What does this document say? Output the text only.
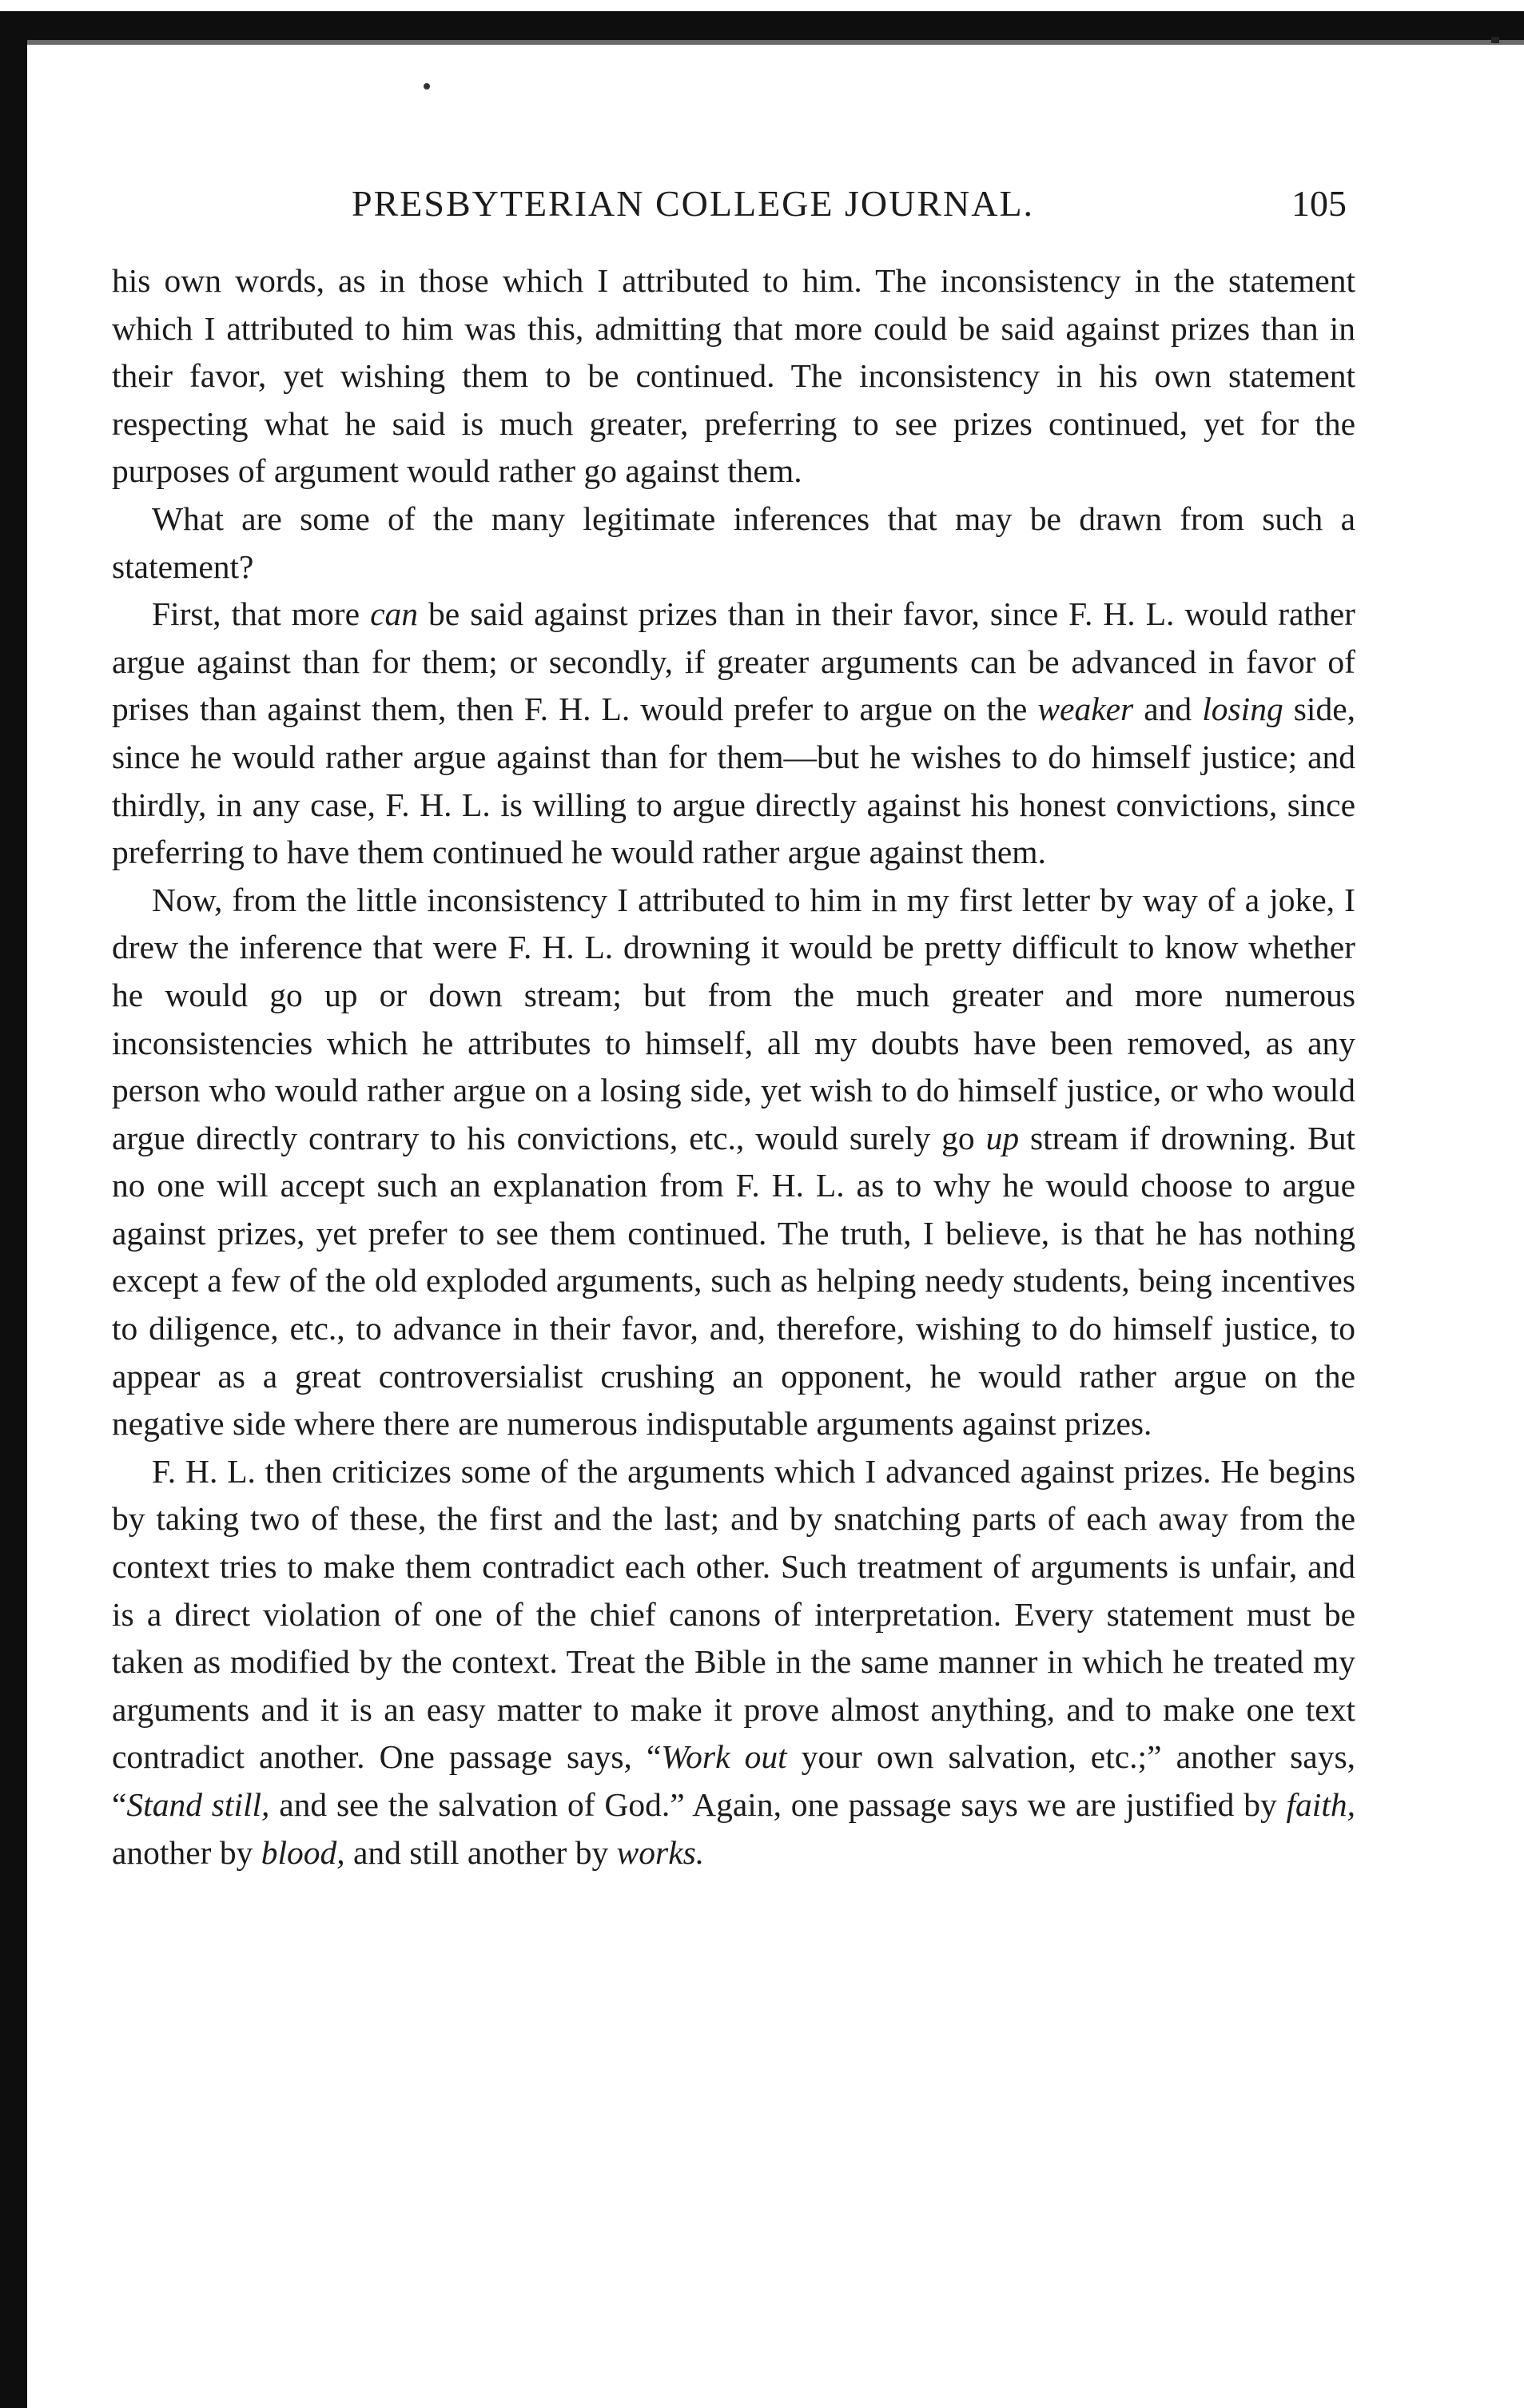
PRESBYTERIAN COLLEGE JOURNAL.	105

his own words, as in those which I attributed to him. The inconsistency in the statement which I attributed to him was this, admitting that more could be said against prizes than in their favor, yet wishing them to be continued. The inconsistency in his own statement respecting what he said is much greater, preferring to see prizes continued, yet for the purposes of argument would rather go against them.

What are some of the many legitimate inferences that may be drawn from such a statement?

First, that more can be said against prizes than in their favor, since F. H. L. would rather argue against than for them; or secondly, if greater arguments can be advanced in favor of prises than against them, then F. H. L. would prefer to argue on the weaker and losing side, since he would rather argue against than for them—but he wishes to do himself justice; and thirdly, in any case, F. H. L. is willing to argue directly against his honest convictions, since preferring to have them continued he would rather argue against them.

Now, from the little inconsistency I attributed to him in my first letter by way of a joke, I drew the inference that were F. H. L. drowning it would be pretty difficult to know whether he would go up or down stream; but from the much greater and more numerous inconsistencies which he attributes to himself, all my doubts have been removed, as any person who would rather argue on a losing side, yet wish to do himself justice, or who would argue directly contrary to his convictions, etc., would surely go up stream if drowning. But no one will accept such an explanation from F. H. L. as to why he would choose to argue against prizes, yet prefer to see them continued. The truth, I believe, is that he has nothing except a few of the old exploded arguments, such as helping needy students, being incentives to diligence, etc., to advance in their favor, and, therefore, wishing to do himself justice, to appear as a great controversialist crushing an opponent, he would rather argue on the negative side where there are numerous indisputable arguments against prizes.

F. H. L. then criticizes some of the arguments which I advanced against prizes. He begins by taking two of these, the first and the last; and by snatching parts of each away from the context tries to make them contradict each other. Such treatment of arguments is unfair, and is a direct violation of one of the chief canons of interpretation. Every statement must be taken as modified by the context. Treat the Bible in the same manner in which he treated my arguments and it is an easy matter to make it prove almost anything, and to make one text contradict another. One passage says, “Work out your own salvation, etc.;” another says, “Stand still, and see the salvation of God.” Again, one passage says we are justified by faith, another by blood, and still another by works.
